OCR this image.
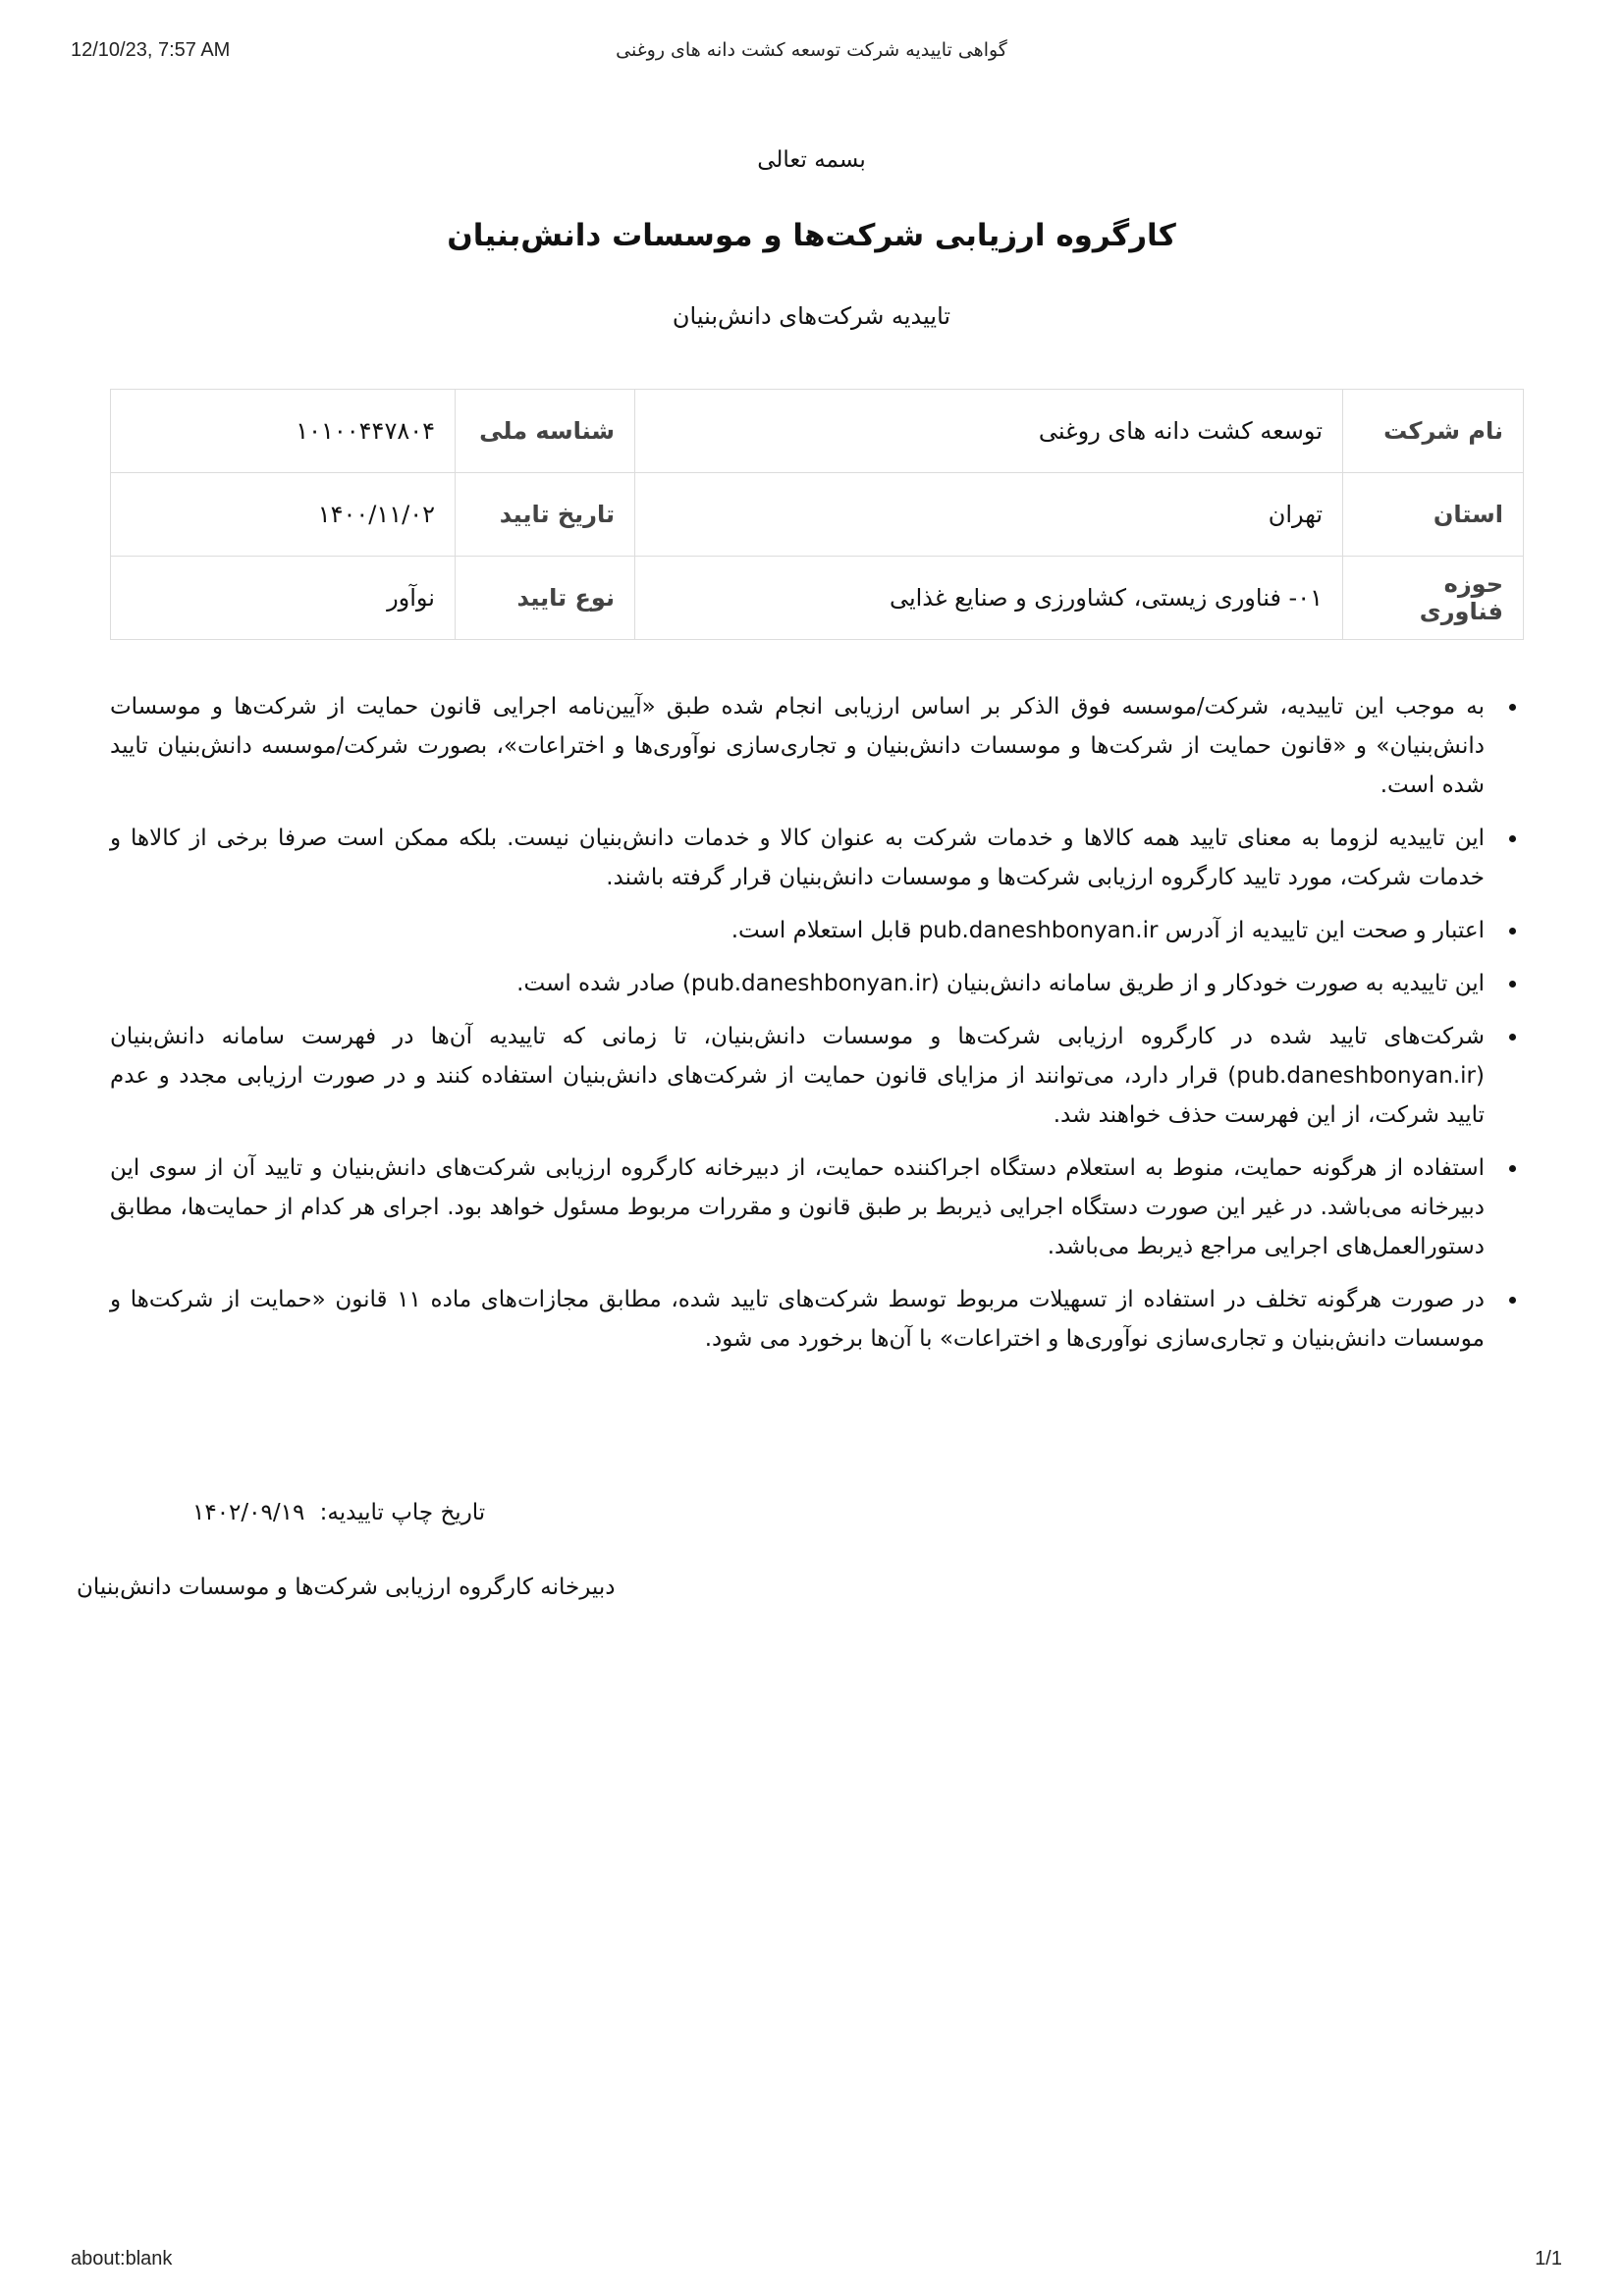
12/10/23, 7:57 AM	گواهی تاییدیه شرکت توسعه کشت دانه های روغنی
بسمه تعالی
کارگروه ارزیابی شرکت‌ها و موسسات دانش‌بنیان
تاییدیه شرکت‌های دانش‌بنیان
نام شرکت	توسعه کشت دانه های روغنی	شناسه ملی	۱۰۱۰۰۴۴۷۸۰۴
استان	تهران	تاریخ تایید	۱۴۰۰/۱۱/۰۲
حوزه فناوری	۰۱- فناوری زیستی، کشاورزی و صنایع غذایی	نوع تایید	نوآور
به موجب این تاییدیه، شرکت/موسسه فوق الذکر بر اساس ارزیابی انجام شده طبق «آیین‌نامه اجرایی قانون حمایت از شرکت‌ها و موسسات دانش‌بنیان» و «قانون حمایت از شرکت‌ها و موسسات دانش‌بنیان و تجاری‌سازی نوآوری‌ها و اختراعات»، بصورت شرکت/موسسه دانش‌بنیان تایید شده است.
این تاییدیه لزوما به معنای تایید همه کالاها و خدمات شرکت به عنوان کالا و خدمات دانش‌بنیان نیست. بلکه ممکن است صرفا برخی از کالاها و خدمات شرکت، مورد تایید کارگروه ارزیابی شرکت‌ها و موسسات دانش‌بنیان قرار گرفته باشند.
اعتبار و صحت این تاییدیه از آدرس pub.daneshbonyan.ir قابل استعلام است.
این تاییدیه به صورت خودکار و از طریق سامانه دانش‌بنیان (pub.daneshbonyan.ir) صادر شده است.
شرکت‌های تایید شده در کارگروه ارزیابی شرکت‌ها و موسسات دانش‌بنیان، تا زمانی که تاییدیه آن‌ها در فهرست سامانه دانش‌بنیان (pub.daneshbonyan.ir) قرار دارد، می‌توانند از مزایای قانون حمایت از شرکت‌های دانش‌بنیان استفاده کنند و در صورت ارزیابی مجدد و عدم تایید شرکت، از این فهرست حذف خواهند شد.
استفاده از هرگونه حمایت، منوط به استعلام دستگاه اجراکننده حمایت، از دبیرخانه کارگروه ارزیابی شرکت‌های دانش‌بنیان و تایید آن از سوی این دبیرخانه می‌باشد. در غیر این صورت دستگاه اجرایی ذیربط بر طبق قانون و مقررات مربوط مسئول خواهد بود. اجرای هر کدام از حمایت‌ها، مطابق دستورالعمل‌های اجرایی مراجع ذیربط می‌باشد.
در صورت هرگونه تخلف در استفاده از تسهیلات مربوط توسط شرکت‌های تایید شده، مطابق مجازات‌های ماده ۱۱ قانون «حمایت از شرکت‌ها و موسسات دانش‌بنیان و تجاری‌سازی نوآوری‌ها و اختراعات» با آن‌ها برخورد می شود.
تاریخ چاپ تاییدیه: ۱۴۰۲/۰۹/۱۹
دبیرخانه کارگروه ارزیابی شرکت‌ها و موسسات دانش‌بنیان
about:blank	1/1
